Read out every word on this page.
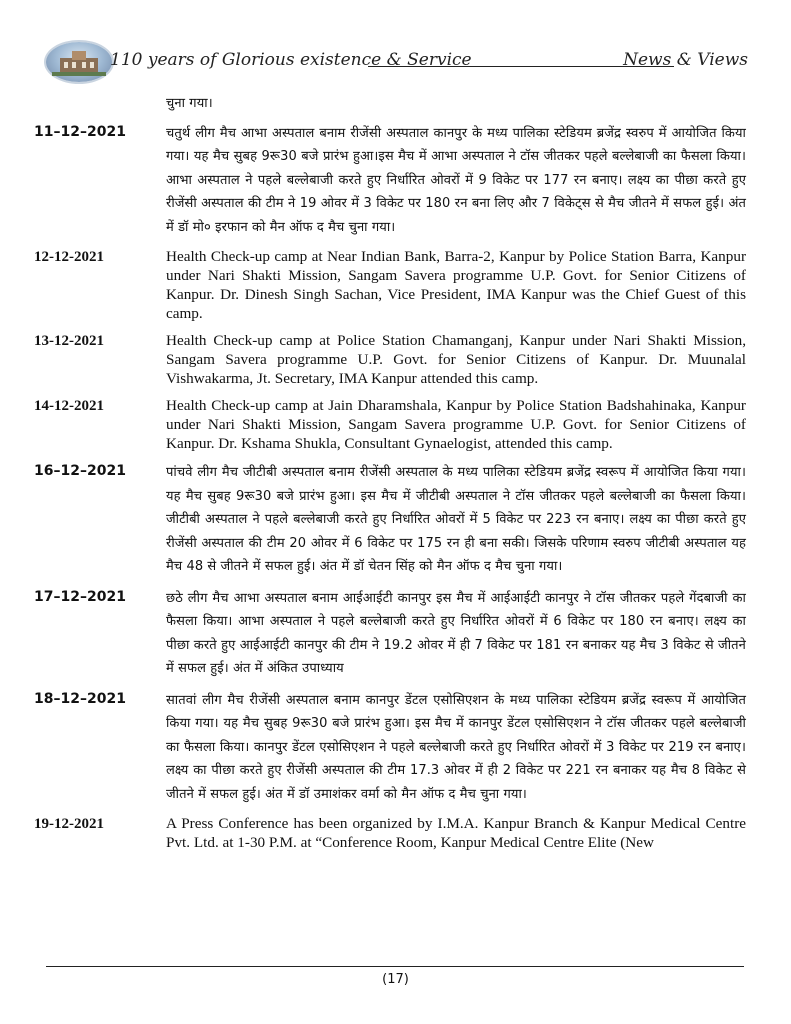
110 years of Glorious existence & Service	News & Views
चुना गया।
11–12–2021	चतुर्थ लीग मैच आभा अस्पताल बनाम रीजेंसी अस्पताल कानपुर के मध्य पालिका स्टेडियम ब्रजेंद्र स्वरुप में आयोजित किया गया। यह मैच सुबह 9रू30 बजे प्रारंभ हुआ।इस मैच में आभा अस्पताल ने टॉस जीतकर पहले बल्लेबाजी का फैसला किया।आभा अस्पताल ने पहले बल्लेबाजी करते हुए निर्धारित ओवरों में 9 विकेट पर 177 रन बनाए। लक्ष्य का पीछा करते हुए रीजेंसी अस्पताल की टीम ने 19 ओवर में 3 विकेट पर 180 रन बना लिए और 7 विकेट्स से मैच जीतने में सफल हुई। अंत में डॉ मो० इरफान को मैन ऑफ द मैच चुना गया।
12-12-2021	Health Check-up camp at Near Indian Bank, Barra-2, Kanpur by Police Station Barra, Kanpur under Nari Shakti Mission, Sangam Savera programme U.P. Govt. for Senior Citizens of Kanpur. Dr. Dinesh Singh Sachan, Vice President, IMA Kanpur was the Chief Guest of this camp.
13-12-2021	Health Check-up camp at Police Station Chamanganj, Kanpur under Nari Shakti Mission, Sangam Savera programme U.P. Govt. for Senior Citizens of Kanpur. Dr. Muunalal Vishwakarma, Jt. Secretary, IMA Kanpur attended this camp.
14-12-2021	Health Check-up camp at Jain Dharamshala, Kanpur by Police Station Badshahinaka, Kanpur under Nari Shakti Mission, Sangam Savera programme U.P. Govt. for Senior Citizens of Kanpur. Dr. Kshama Shukla, Consultant Gynaelogist, attended this camp.
16–12–2021	पांचवे लीग मैच जीटीबी अस्पताल बनाम रीजेंसी अस्पताल के मध्य पालिका स्टेडियम ब्रजेंद्र स्वरूप में आयोजित किया गया। यह मैच सुबह 9रू30 बजे प्रारंभ हुआ। इस मैच में जीटीबी अस्पताल ने टॉस जीतकर पहले बल्लेबाजी का फैसला किया। जीटीबी अस्पताल ने पहले बल्लेबाजी करते हुए निर्धारित ओवरों में 5 विकेट पर 223 रन बनाए। लक्ष्य का पीछा करते हुए रीजेंसी अस्पताल की टीम 20 ओवर में 6 विकेट पर 175 रन ही बना सकी। जिसके परिणाम स्वरुप जीटीबी अस्पताल यह मैच 48 से जीतने में सफल हुई। अंत में डॉ चेतन सिंह को मैन ऑफ द मैच चुना गया।
17–12–2021	छठे लीग मैच आभा अस्पताल बनाम आईआईटी कानपुर इस मैच में आईआईटी कानपुर ने टॉस जीतकर पहले गेंदबाजी का फैसला किया। आभा अस्पताल ने पहले बल्लेबाजी करते हुए निर्धारित ओवरों में 6 विकेट पर 180 रन बनाए। लक्ष्य का पीछा करते हुए आईआईटी कानपुर की टीम ने 19.2 ओवर में ही 7 विकेट पर 181 रन बनाकर यह मैच 3 विकेट से जीतने में सफल हुई। अंत में अंकित उपाध्याय
18–12–2021	सातवां लीग मैच रीजेंसी अस्पताल बनाम कानपुर डेंटल एसोसिएशन के मध्य पालिका स्टेडियम ब्रजेंद्र स्वरूप में आयोजित किया गया। यह मैच सुबह 9रू30 बजे प्रारंभ हुआ। इस मैच में कानपुर डेंटल एसोसिएशन ने टॉस जीतकर पहले बल्लेबाजी का फैसला किया। कानपुर डेंटल एसोसिएशन ने पहले बल्लेबाजी करते हुए निर्धारित ओवरों में 3 विकेट पर 219 रन बनाए। लक्ष्य का पीछा करते हुए रीजेंसी अस्पताल की टीम 17.3 ओवर में ही 2 विकेट पर 221 रन बनाकर यह मैच 8 विकेट से जीतने में सफल हुई। अंत में डॉ उमाशंकर वर्मा को मैन ऑफ द मैच चुना गया।
19-12-2021	A Press Conference has been organized by I.M.A. Kanpur Branch & Kanpur Medical Centre Pvt. Ltd. at 1-30 P.M. at “Conference Room, Kanpur Medical Centre Elite (New
(17)
